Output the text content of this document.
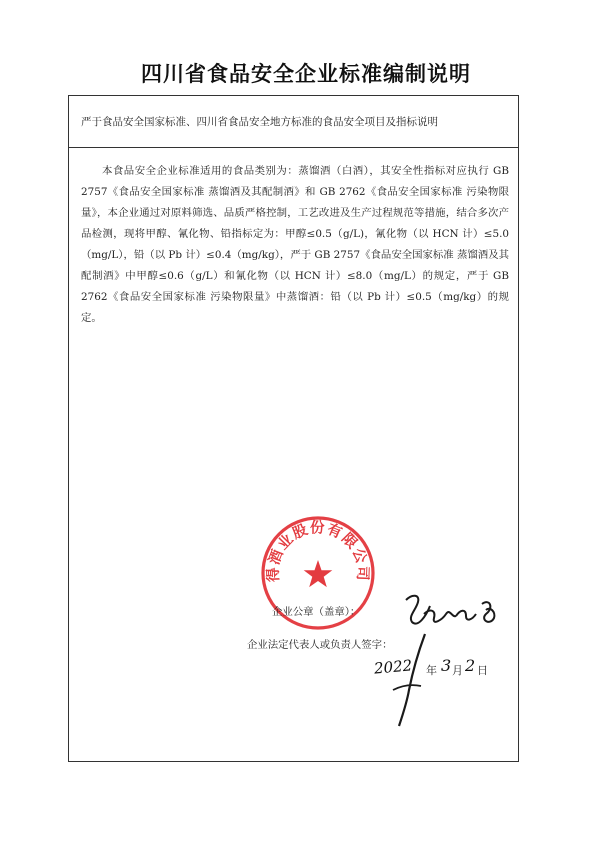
四川省食品安全企业标准编制说明
严于食品安全国家标准、四川省食品安全地方标准的食品安全项目及指标说明
本食品安全企业标准适用的食品类别为：蒸馏酒（白酒），其安全性指标对应执行 GB 2757《食品安全国家标准 蒸馏酒及其配制酒》和 GB 2762《食品安全国家标准 污染物限量》，本企业通过对原料筛选、品质严格控制，工艺改进及生产过程规范等措施，结合多次产品检测，现将甲醇、氰化物、铅指标定为：甲醇≤0.5（g/L)，氰化物（以 HCN 计）≤5.0（mg/L），铅（以 Pb 计）≤0.4（mg/kg），严于 GB 2757《食品安全国家标准 蒸馏酒及其配制酒》中甲醇≤0.6（g/L）和氰化物（以 HCN 计）≤8.0（mg/L）的规定，严于 GB 2762《食品安全国家标准 污染物限量》中蒸馏酒：铅（以 Pb 计）≤0.5（mg/kg）的规定。
得酒业股份有限公司
企业公章（盖章）：
企业法定代表人或负责人签字：
2022 年 3 月 2 日
